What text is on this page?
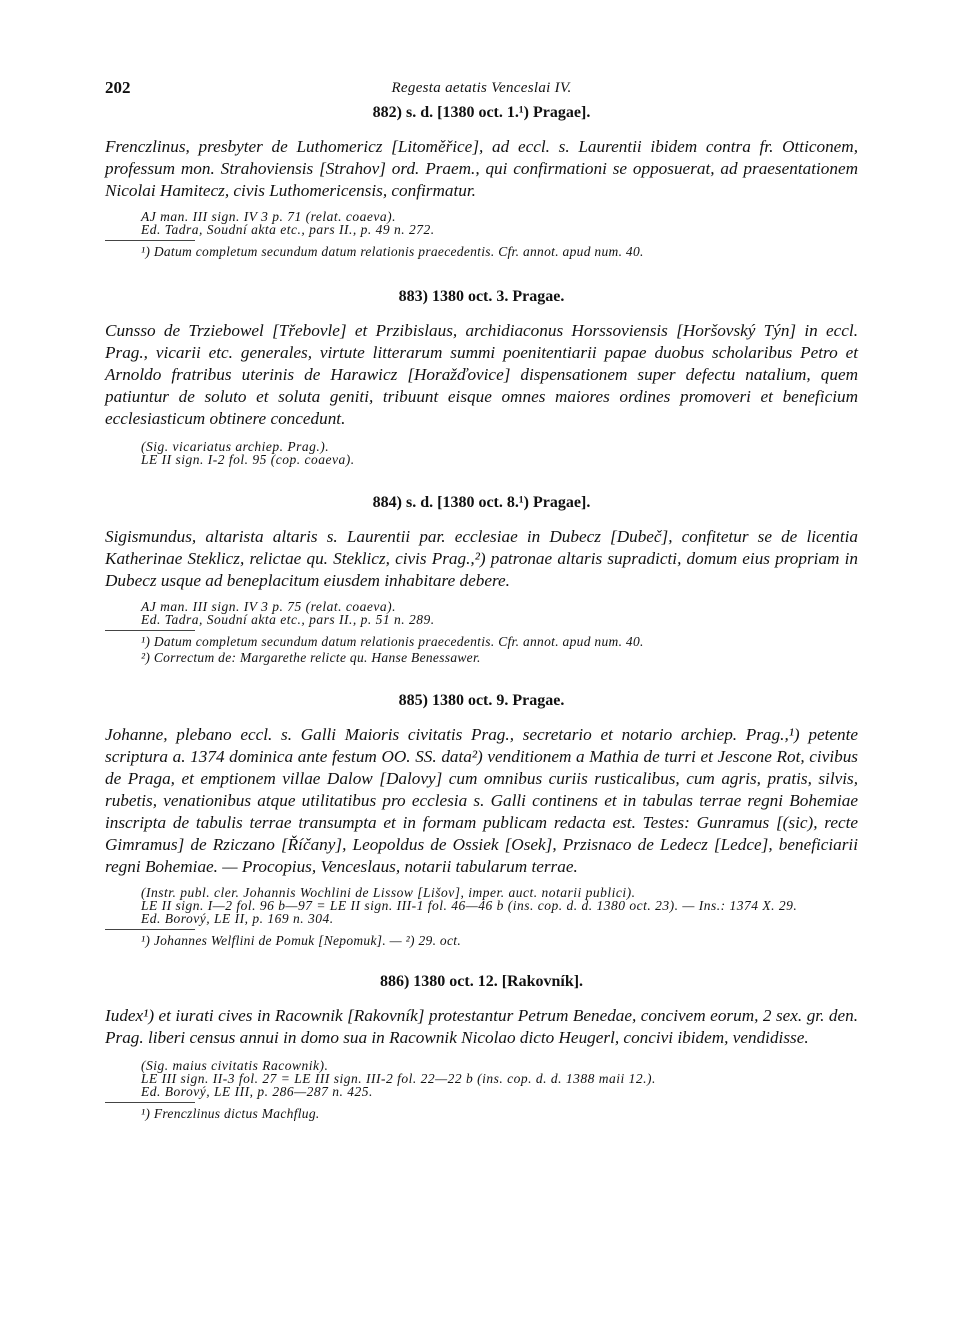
202	Regesta aetatis Venceslai IV.
882) s. d. [1380 oct. 1.¹) Pragae].

Frenczlinus, presbyter de Luthomericz [Litoměřice], ad eccl. s. Laurentii ibidem contra fr. Otticonem, professum mon. Strahoviensis [Strahov] ord. Praem., qui confirmationi se opposuerat, ad praesentationem Nicolai Hamitecz, civis Luthomericensis, confirmatur.

AJ man. III sign. IV 3 p. 71 (relat. coaeva).
Ed. Tadra, Soudní akta etc., pars II., p. 49 n. 272.
¹) Datum completum secundum datum relationis praecedentis. Cfr. annot. apud num. 40.
883) 1380 oct. 3. Pragae.

Cunsso de Trziebowel [Třebovle] et Przibislaus, archidiaconus Horssoviensis [Horšovský Týn] in eccl. Prag., vicarii etc. generales, virtute litterarum summi poenitentiarii papae duobus scholaribus Petro et Arnoldo fratribus uterinis de Harawicz [Horažďovice] dispensationem super defectu natalium, quem patiuntur de soluto et soluta geniti, tribuunt eisque omnes maiores ordines promoveri et beneficium ecclesiasticum obtinere concedunt.

(Sig. vicariatus archiep. Prag.).
LE II sign. I-2 fol. 95 (cop. coaeva).
884) s. d. [1380 oct. 8.¹) Pragae].

Sigismundus, altarista altaris s. Laurentii par. ecclesiae in Dubecz [Dubeč], confitetur se de licentia Katherinae Steklicz, relictae qu. Steklicz, civis Prag.,²) patronae altaris supradicti, domum eius propriam in Dubecz usque ad beneplacitum eiusdem inhabitare debere.

AJ man. III sign. IV 3 p. 75 (relat. coaeva).
Ed. Tadra, Soudní akta etc., pars II., p. 51 n. 289.
¹) Datum completum secundum datum relationis praecedentis. Cfr. annot. apud num. 40.
²) Correctum de: Margarethe relicte qu. Hanse Benessawer.
885) 1380 oct. 9. Pragae.

Johanne, plebano eccl. s. Galli Maioris civitatis Prag., secretario et notario archiep. Prag.,¹) petente scriptura a. 1374 dominica ante festum OO. SS. data²) venditionem a Mathia de turri et Jescone Rot, civibus de Praga, et emptionem villae Dalow [Dalovy] cum omnibus curiis rusticalibus, cum agris, pratis, silvis, rubetis, venationibus atque utilitatibus pro ecclesia s. Galli continens et in tabulas terrae regni Bohemiae inscripta de tabulis terrae transumpta et in formam publicam redacta est. Testes: Gunramus [(sic), recte Gimramus] de Rziczano [Říčany], Leopoldus de Ossiek [Osek], Przisnaco de Ledecz [Ledce], beneficiarii regni Bohemiae. — Procopius, Venceslaus, notarii tabularum terrae.

(Instr. publ. cler. Johannis Wochlini de Lissow [Lišov], imper. auct. notarii publici).
LE II sign. I—2 fol. 96 b—97 = LE II sign. III-1 fol. 46—46 b (ins. cop. d. d. 1380 oct. 23). — Ins.: 1374 X. 29.
Ed. Borový, LE II, p. 169 n. 304.
¹) Johannes Welflini de Pomuk [Nepomuk]. — ²) 29. oct.
886) 1380 oct. 12. [Rakovník].

Iudex¹) et iurati cives in Racownik [Rakovník] protestantur Petrum Benedae, concivem eorum, 2 sex. gr. den. Prag. liberi census annui in domo sua in Racownik Nicolao dicto Heugerl, concivi ibidem, vendidisse.

(Sig. maius civitatis Racownik).
LE III sign. II-3 fol. 27 = LE III sign. III-2 fol. 22—22 b (ins. cop. d. d. 1388 maii 12.).
Ed. Borový, LE III, p. 286—287 n. 425.
¹) Frenczlinus dictus Machflug.
